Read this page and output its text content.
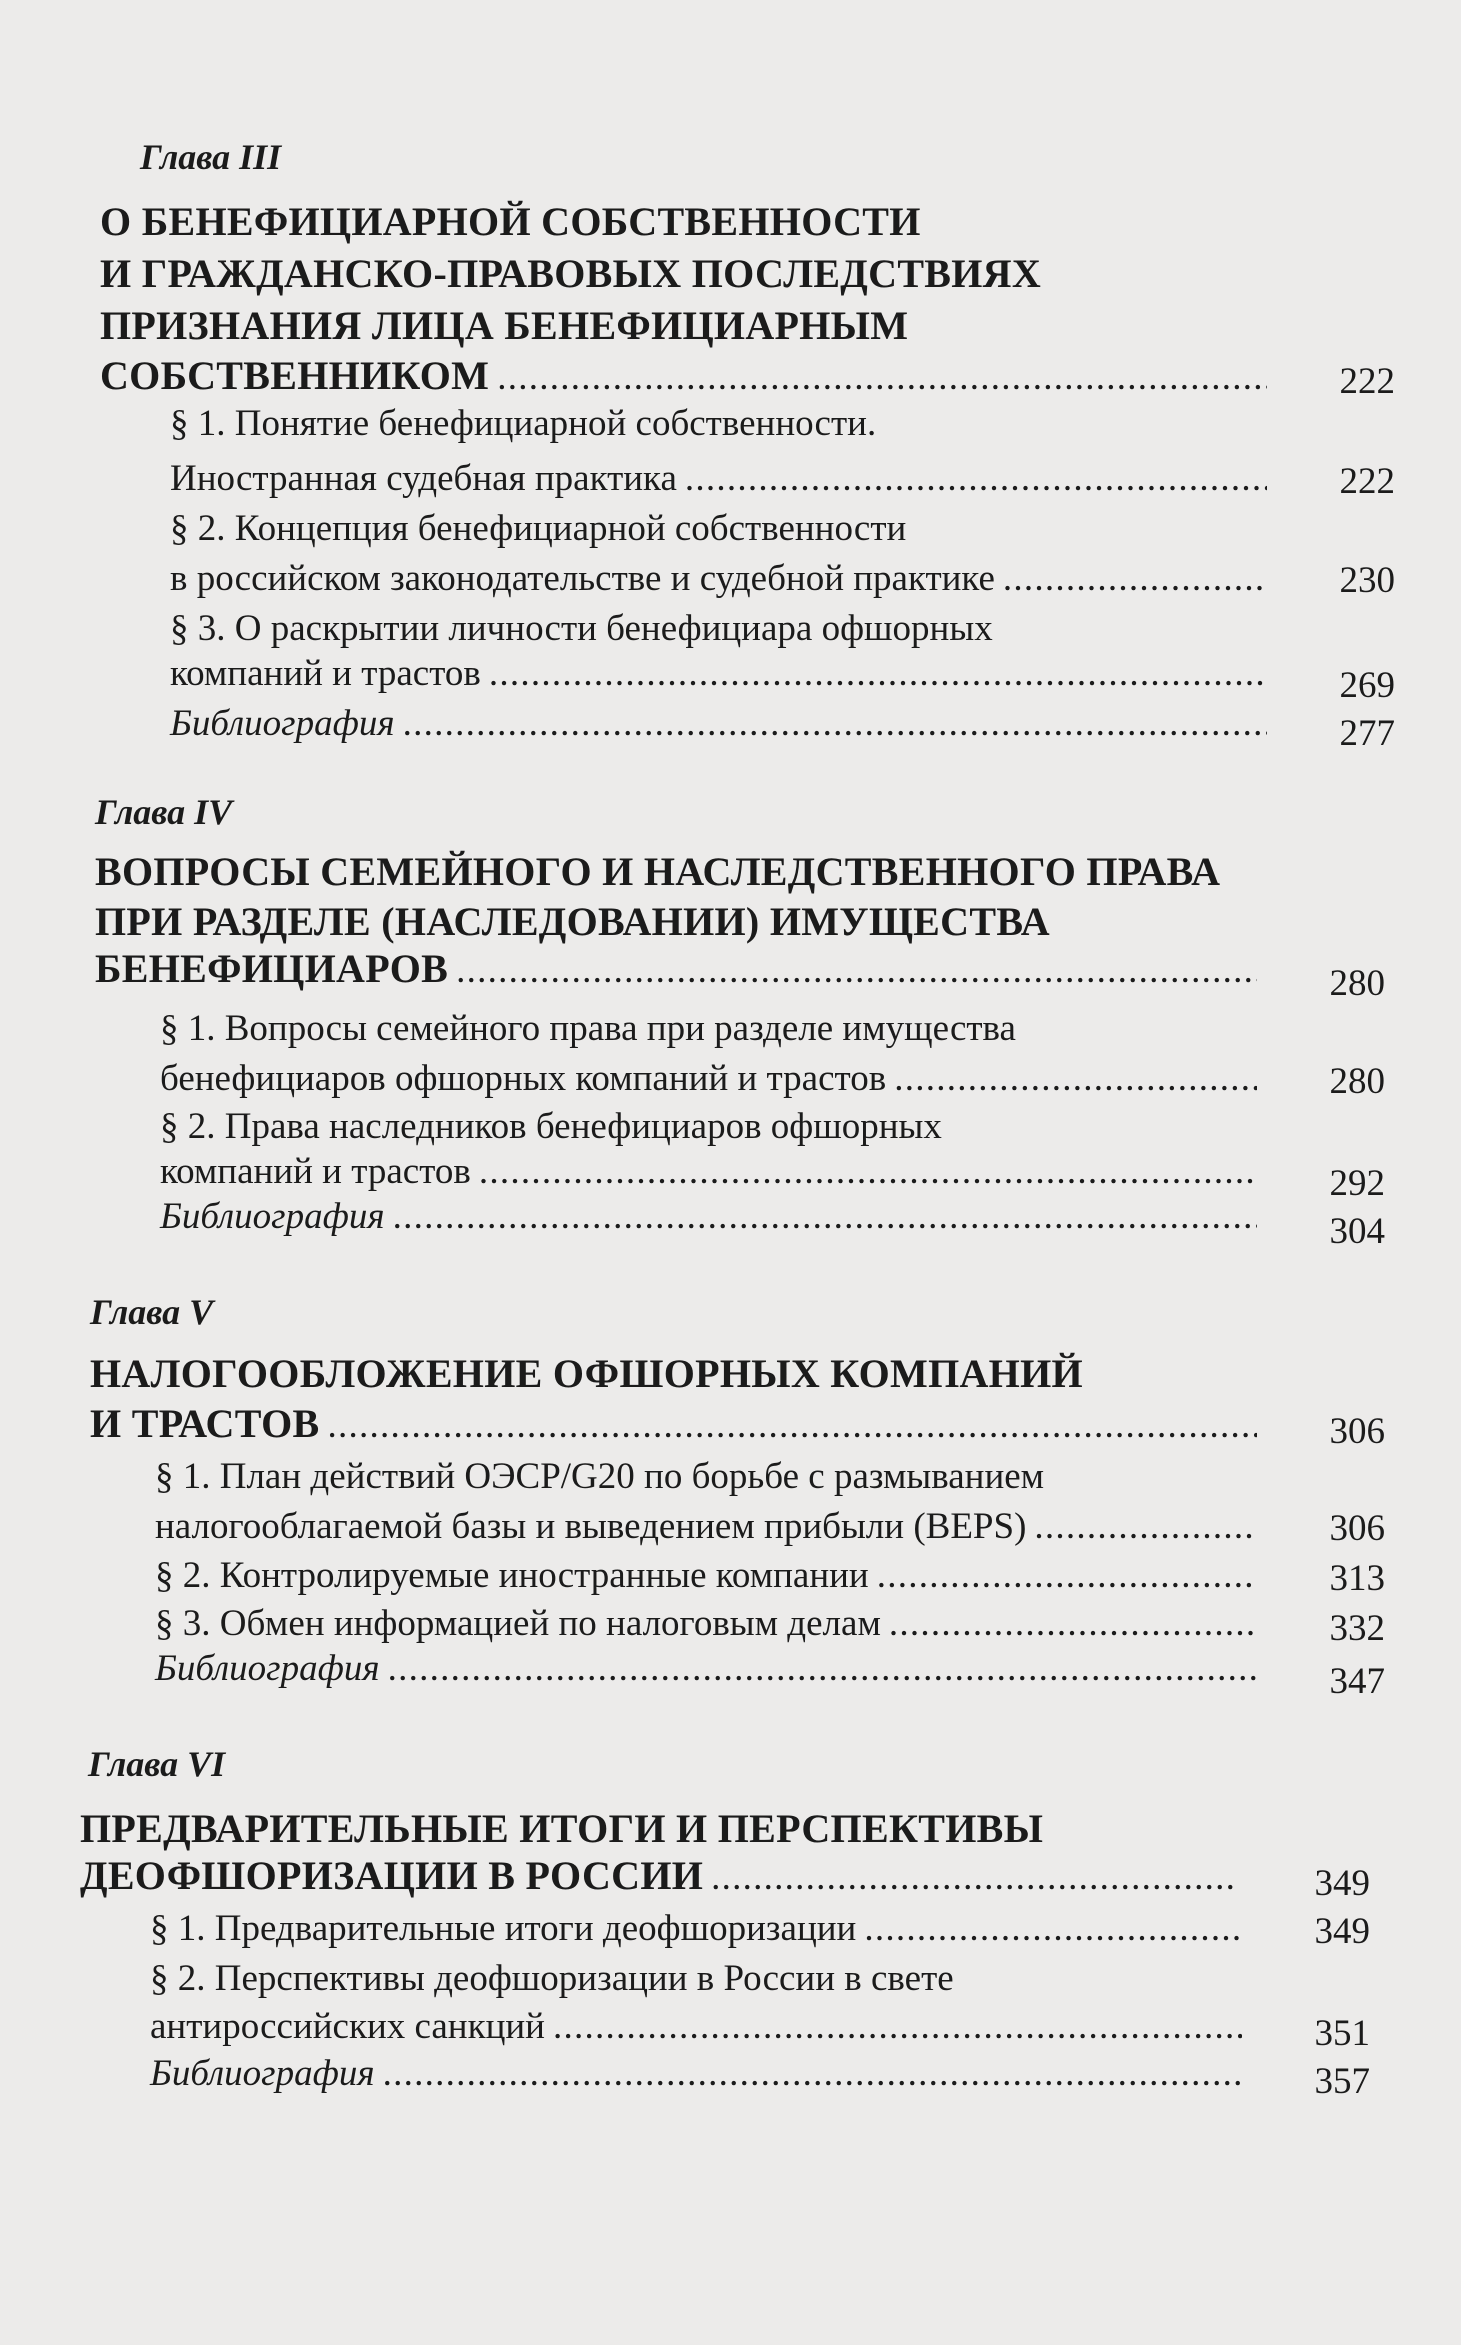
Глава III
О БЕНЕФИЦИАРНОЙ СОБСТВЕННОСТИ
И ГРАЖДАНСКО-ПРАВОВЫХ ПОСЛЕДСТВИЯХ
ПРИЗНАНИЯ ЛИЦА БЕНЕФИЦИАРНЫМ
СОБСТВЕННИКОМ . . .	222
§ 1. Понятие бенефициарной собственности.
Иностранная судебная практика . . .	222
§ 2. Концепция бенефициарной собственности
в российском законодательстве и судебной практике . . .	230
§ 3. О раскрытии личности бенефициара офшорных
компаний и трастов . . .	269
Библиография . . .	277
Глава IV
ВОПРОСЫ СЕМЕЙНОГО И НАСЛЕДСТВЕННОГО ПРАВА
ПРИ РАЗДЕЛЕ (НАСЛЕДОВАНИИ) ИМУЩЕСТВА
БЕНЕФИЦИАРОВ . . .	280
§ 1. Вопросы семейного права при разделе имущества
бенефициаров офшорных компаний и трастов . . .	280
§ 2. Права наследников бенефициаров офшорных
компаний и трастов . . .	292
Библиография . . .	304
Глава V
НАЛОГООБЛОЖЕНИЕ ОФШОРНЫХ КОМПАНИЙ
И ТРАСТОВ . . .	306
§ 1. План действий ОЭСР/G20 по борьбе с размыванием
налогооблагаемой базы и выведением прибыли (BEPS) . . .	306
§ 2. Контролируемые иностранные компании . . .	313
§ 3. Обмен информацией по налоговым делам . . .	332
Библиография . . .	347
Глава VI
ПРЕДВАРИТЕЛЬНЫЕ ИТОГИ И ПЕРСПЕКТИВЫ
ДЕОФШОРИЗАЦИИ В РОССИИ . . .	349
§ 1. Предварительные итоги деофшоризации . . .	349
§ 2. Перспективы деофшоризации в России в свете
антироссийских санкций . . .	351
Библиография . . .	357
